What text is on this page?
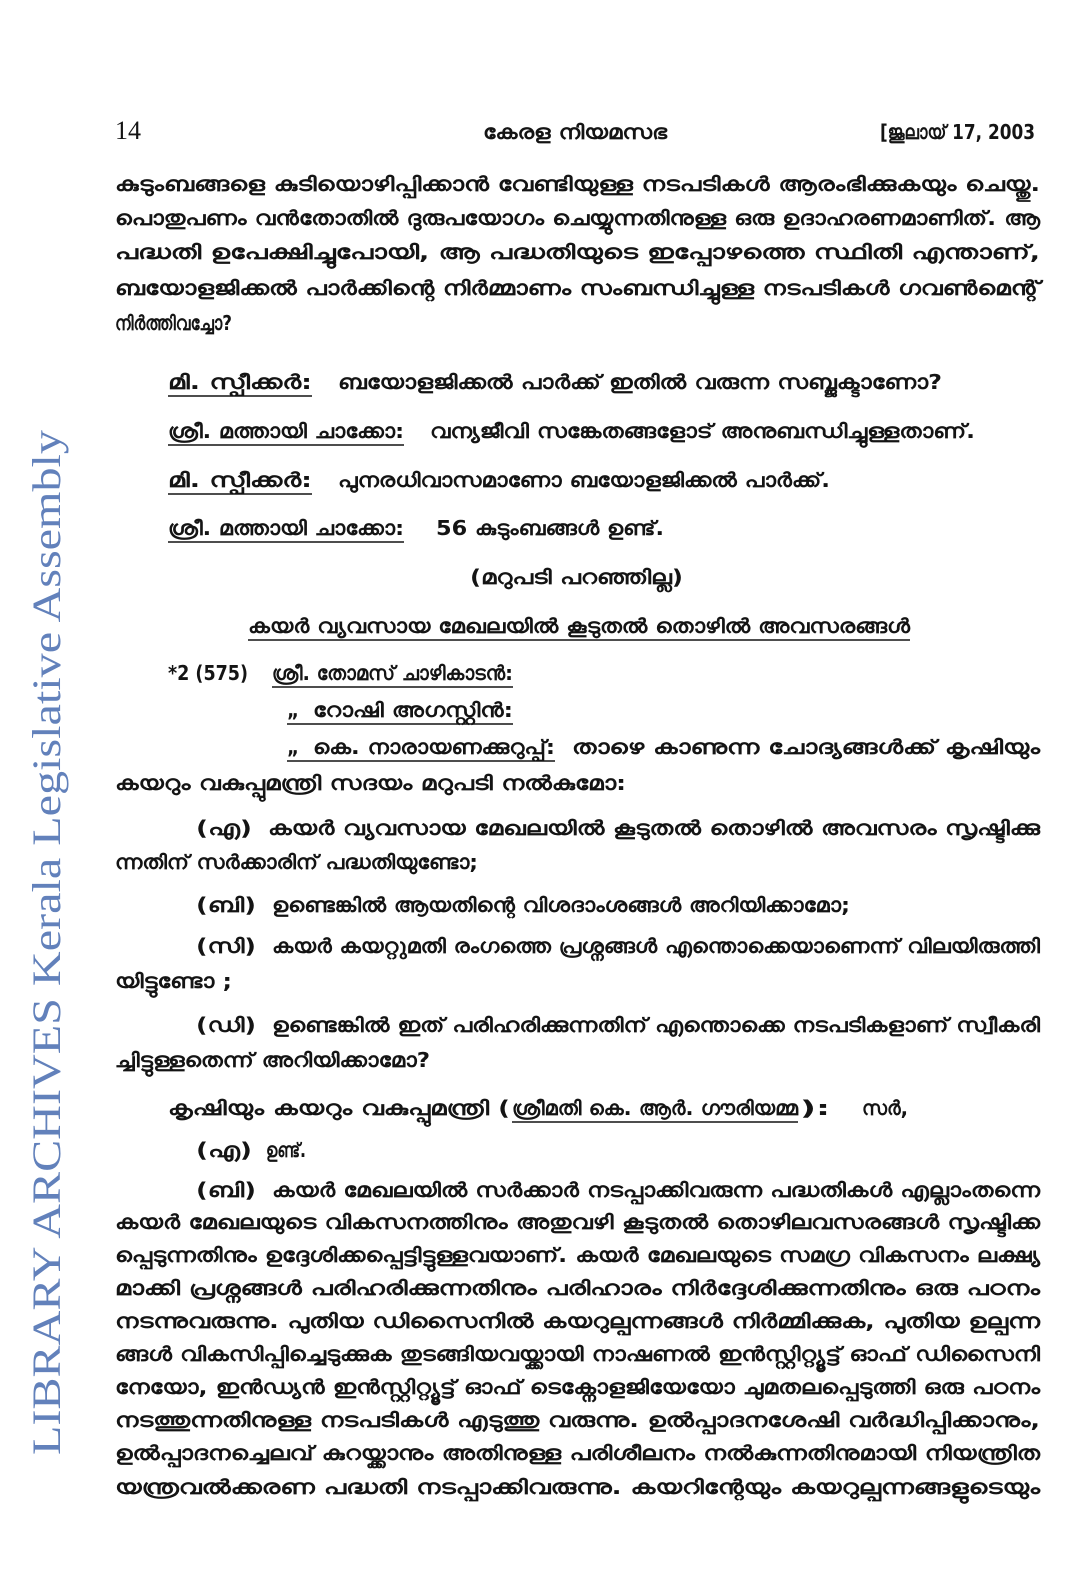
LIBRARY ARCHIVES Kerala Legislative Assembly
14	കേരള നിയമസഭ	[ജൂലായ് 17, 2003
കുടുംബങ്ങളെ കുടിയൊഴിപ്പിക്കാൻ വേണ്ടിയുള്ള നടപടികൾ ആരംഭിക്കുകയും ചെയ്തു.
പൊതുപണം വൻതോതിൽ ദുരുപയോഗം ചെയ്യുന്നതിനുള്ള ഒരു ഉദാഹരണമാണിത്. ആ
പദ്ധതി ഉപേക്ഷിച്ചുപോയി, ആ പദ്ധതിയുടെ ഇപ്പോഴത്തെ സ്ഥിതി എന്താണ്,
ബയോളജിക്കൽ പാർക്കിന്റെ നിർമ്മാണം സംബന്ധിച്ചുള്ള നടപടികൾ ഗവൺമെന്റ്
നിർത്തിവച്ചോ?
മി. സ്പീക്കർ:	ബയോളജിക്കൽ പാർക്ക് ഇതിൽ വരുന്ന സബ്ജക്ടാണോ?
ശ്രീ. മത്തായി ചാക്കോ: വന്യജീവി സങ്കേതങ്ങളോട് അനുബന്ധിച്ചുള്ളതാണ്.
മി. സ്പീക്കർ:	പുനരധിവാസമാണോ ബയോളജിക്കൽ പാർക്ക്.
ശ്രീ. മത്തായി ചാക്കോ: 56 കുടുംബങ്ങൾ ഉണ്ട്.
(മറുപടി പറഞ്ഞില്ല)
കയർ വ്യവസായ മേഖലയിൽ കൂടുതൽ തൊഴിൽ അവസരങ്ങൾ
*2 (575) ശ്രീ. തോമസ് ചാഴികാടൻ:
„ റോഷി അഗസ്റ്റിൻ:
„ കെ. നാരായണക്കുറുപ്പ്:	താഴെ കാണുന്ന ചോദ്യങ്ങൾക്ക് കൃഷിയും
കയറും വകുപ്പുമന്ത്രി സദയം മറുപടി നൽകുമോ:
(എ) കയർ വ്യവസായ മേഖലയിൽ കൂടുതൽ തൊഴിൽ അവസരം സൃഷ്ടിക്കു
ന്നതിന് സർക്കാരിന് പദ്ധതിയുണ്ടോ;
(ബി) ഉണ്ടെങ്കിൽ ആയതിന്റെ വിശദാംശങ്ങൾ അറിയിക്കാമോ;
(സി) കയർ കയറ്റുമതി രംഗത്തെ പ്രശ്നങ്ങൾ എന്തൊക്കെയാണെന്ന് വിലയിരുത്തി
യിട്ടുണ്ടോ ;
(ഡി) ഉണ്ടെങ്കിൽ ഇത് പരിഹരിക്കുന്നതിന് എന്തൊക്കെ നടപടികളാണ് സ്വീകരി
ച്ചിട്ടുള്ളതെന്ന് അറിയിക്കാമോ?
കൃഷിയും കയറും വകുപ്പുമന്ത്രി (	ശ്രീമതി കെ. ആർ. ഗൗരിയമ്മ ): സർ,
(എ) ഉണ്ട്.
(ബി) കയർ മേഖലയിൽ സർക്കാർ നടപ്പാക്കിവരുന്ന പദ്ധതികൾ എല്ലാംതന്നെ
കയർ മേഖലയുടെ വികസനത്തിനും അതുവഴി കൂടുതൽ തൊഴിലവസരങ്ങൾ സൃഷ്ടിക്ക
പ്പെടുന്നതിനും ഉദ്ദേശിക്കപ്പെട്ടിട്ടുള്ളവയാണ്. കയർ മേഖലയുടെ സമഗ്ര വികസനം ലക്ഷ്യ
മാക്കി പ്രശ്നങ്ങൾ പരിഹരിക്കുന്നതിനും പരിഹാരം നിർദ്ദേശിക്കുന്നതിനും ഒരു പഠനം
നടന്നുവരുന്നു. പുതിയ ഡിസൈനിൽ കയറുല്പന്നങ്ങൾ നിർമ്മിക്കുക, പുതിയ ഉല്പന്ന
ങ്ങൾ വികസിപ്പിച്ചെടുക്കുക തുടങ്ങിയവയ്ക്കായി നാഷണൽ ഇൻസ്റ്റിറ്റ്യൂട്ട് ഓഫ് ഡിസൈനി
നേയോ, ഇൻഡ്യൻ ഇൻസ്റ്റിറ്റ്യൂട്ട് ഓഫ് ടെക്നോളജിയേയോ ചുമതലപ്പെടുത്തി ഒരു പഠനം
നടത്തുന്നതിനുള്ള നടപടികൾ എടുത്തു വരുന്നു. ഉൽപ്പാദനശേഷി വർദ്ധിപ്പിക്കാനും,
ഉൽപ്പാദനച്ചെലവ് കുറയ്ക്കാനും അതിനുള്ള പരിശീലനം നൽകുന്നതിനുമായി നിയന്ത്രിത
യന്ത്രവൽക്കരണ പദ്ധതി നടപ്പാക്കിവരുന്നു. കയറിന്റേയും കയറുല്പന്നങ്ങളുടെയും
